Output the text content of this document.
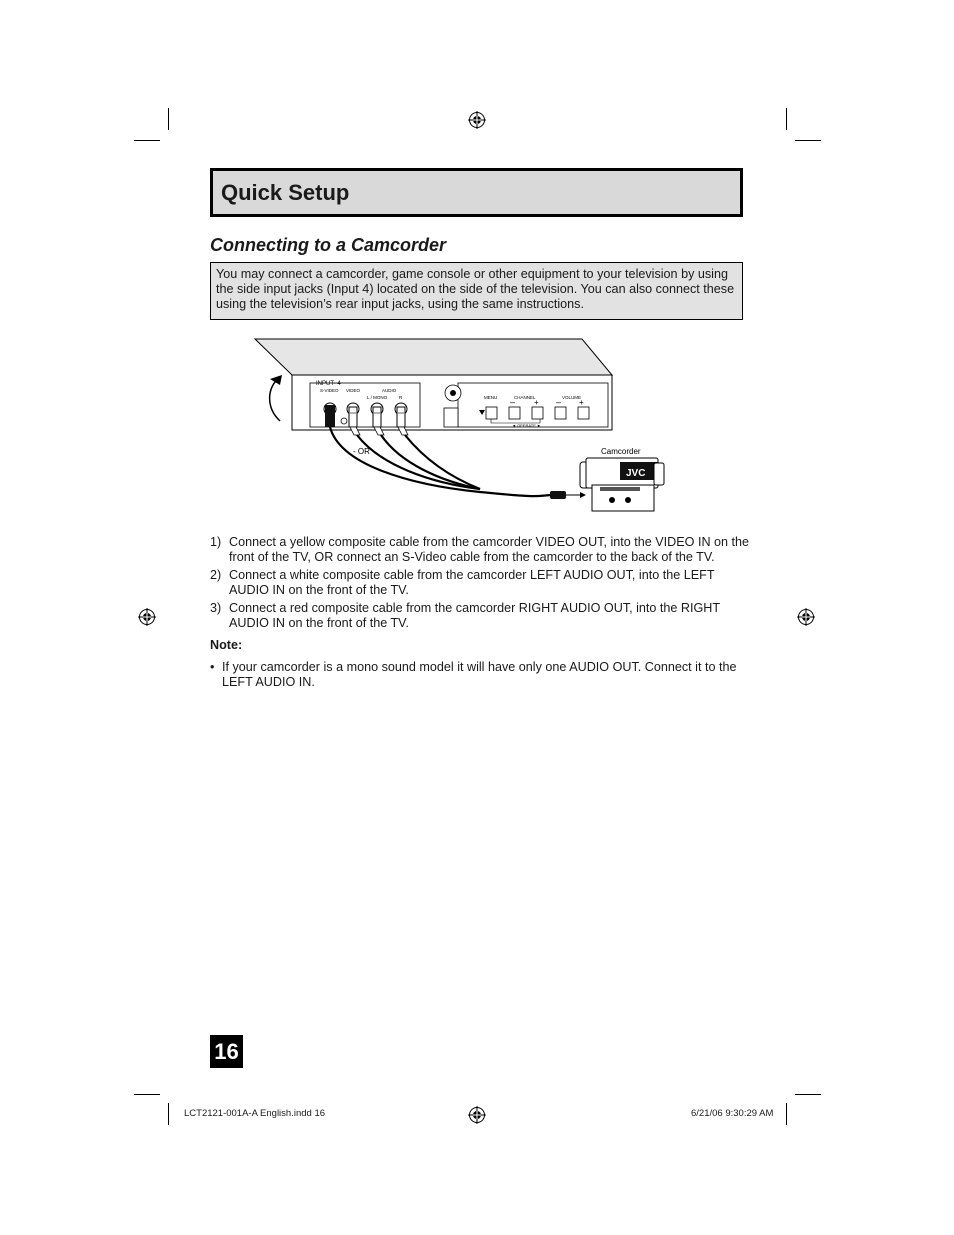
Quick Setup
Connecting to a Camcorder
You may connect a camcorder, game console or other equipment to your television by using the side input jacks (Input 4) located on the side of the television. You can also connect these using the television’s rear input jacks, using the same instructions.
INPUT- 4
S-VIDEO VIDEO	AUDIO
L / MONO	R	MENU	CHANNEL	VOLUME
◄ OPERATE ►
– + – +
- OR -	Camcorder
JVC
1) Connect a yellow composite cable from the camcorder VIDEO OUT, into the VIDEO IN on the front of the TV, OR connect an S-Video cable from the camcorder to the back of the TV.
2) Connect a white composite cable from the camcorder LEFT AUDIO OUT, into the LEFT AUDIO IN on the front of the TV.
3) Connect a red composite cable from the camcorder RIGHT AUDIO OUT, into the RIGHT AUDIO IN on the front of the TV.
Note:
• If your camcorder is a mono sound model it will have only one AUDIO OUT. Connect it to the LEFT AUDIO IN.
16
LCT2121-001A-A English.indd 16	6/21/06 9:30:29 AM
